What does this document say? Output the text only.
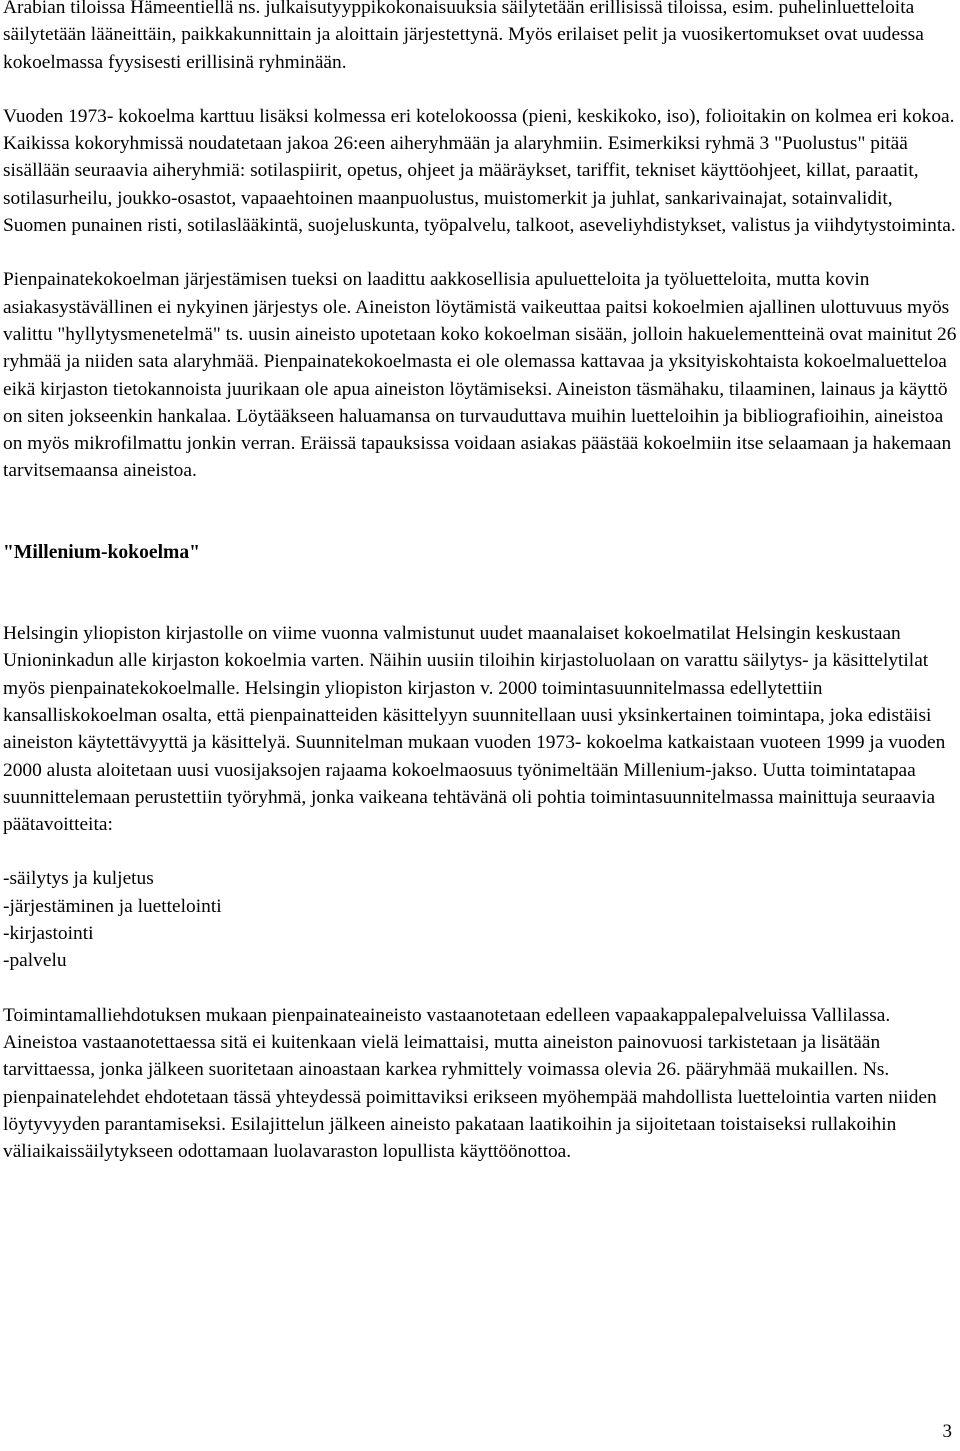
Arabian tiloissa Hämeentiellä ns. julkaisutyyppikokonaisuuksia säilytetään erillisissä tiloissa, esim. puhelinluetteloita säilytetään lääneittäin, paikkakunnittain ja aloittain järjestettynä. Myös erilaiset pelit ja vuosikertomukset ovat uudessa kokoelmassa fyysisesti erillisinä ryhminään.

Vuoden 1973- kokoelma karttuu lisäksi kolmessa eri kotelokoossa (pieni, keskikoko, iso), folioitakin on kolmea eri kokoa. Kaikissa kokoryhmissä noudatetaan jakoa 26:een aiheryhmään ja alaryhmiin. Esimerkiksi ryhmä 3 "Puolustus" pitää sisällään seuraavia aiheryhmiä: sotilaspiirit, opetus, ohjeet ja määräykset, tariffit, tekniset käyttöohjeet, killat, paraatit, sotilasurheilu, joukko-osastot, vapaaehtoinen maanpuolustus, muistomerkit ja juhlat, sankarivainajat, sotainvalidit, Suomen punainen risti, sotilaslääkintä, suojeluskunta, työpalvelu, talkoot, aseveliyhdistykset, valistus ja viihdytystoiminta.

Pienpainatekokoelman järjestämisen tueksi on laadittu aakkosellisia apuluetteloita ja työluetteloita, mutta kovin asiakasystävällinen ei nykyinen järjestys ole. Aineiston löytämistä vaikeuttaa paitsi kokoelmien ajallinen ulottuvuus myös valittu "hyllytysmenetelmä" ts. uusin aineisto upotetaan koko kokoelman sisään, jolloin hakuelementteinä ovat mainitut 26 ryhmää ja niiden sata alaryhmää. Pienpainatekokoelmasta ei ole olemassa kattavaa ja yksityiskohtaista kokoelmaluetteloa eikä kirjaston tietokannoista juurikaan ole apua aineiston löytämiseksi. Aineiston täsmähaku, tilaaminen, lainaus ja käyttö on siten jokseenkin hankalaa. Löytääkseen haluamansa on turvauduttava muihin luetteloihin ja bibliografioihin, aineistoa on myös mikrofilmattu jonkin verran. Eräissä tapauksissa voidaan asiakas päästää kokoelmiin itse selaamaan ja hakemaan tarvitsemaansa aineistoa.

"Millenium-kokoelma"

Helsingin yliopiston kirjastolle on viime vuonna valmistunut uudet maanalaiset kokoelmatilat Helsingin keskustaan Unioninkadun alle kirjaston kokoelmia varten. Näihin uusiin tiloihin kirjastoluolaan on varattu säilytys- ja käsittelytilat myös pienpainatekokoelmalle. Helsingin yliopiston kirjaston v. 2000 toimintasuunnitelmassa edellytettiin kansalliskokoelman osalta, että pienpainatteiden käsittelyyn suunnitellaan uusi yksinkertainen toimintapa, joka edistäisi aineiston käytettävyyttä ja käsittelyä. Suunnitelman mukaan vuoden 1973- kokoelma katkaistaan vuoteen 1999 ja vuoden 2000 alusta aloitetaan uusi vuosijaksojen rajaama kokoelmaosuus työnimeltään Millenium-jakso. Uutta toimintatapaa suunnittelemaan perustettiin työryhmä, jonka vaikeana tehtävänä oli pohtia toimintasuunnitelmassa mainittuja seuraavia päätavoitteita:

-säilytys ja kuljetus

-järjestäminen ja luettelointi

-kirjastointi

-palvelu

Toimintamalliehdotuksen mukaan pienpainateaineisto vastaanotetaan edelleen vapaakappalepalveluissa Vallilassa. Aineistoa vastaanotettaessa sitä ei kuitenkaan vielä leimattaisi, mutta aineiston painovuosi tarkistetaan ja lisätään tarvittaessa, jonka jälkeen suoritetaan ainoastaan karkea ryhmittely voimassa olevia 26. pääryhmää mukaillen. Ns. pienpainatelehdet ehdotetaan tässä yhteydessä poimittaviksi erikseen myöhempää mahdollista luettelointia varten niiden löytyvyyden parantamiseksi. Esilajittelun jälkeen aineisto pakataan laatikoihin ja sijoitetaan toistaiseksi rullakoihin väliaikaissäilytykseen odottamaan luolavaraston lopullista käyttöönottoa.

3
